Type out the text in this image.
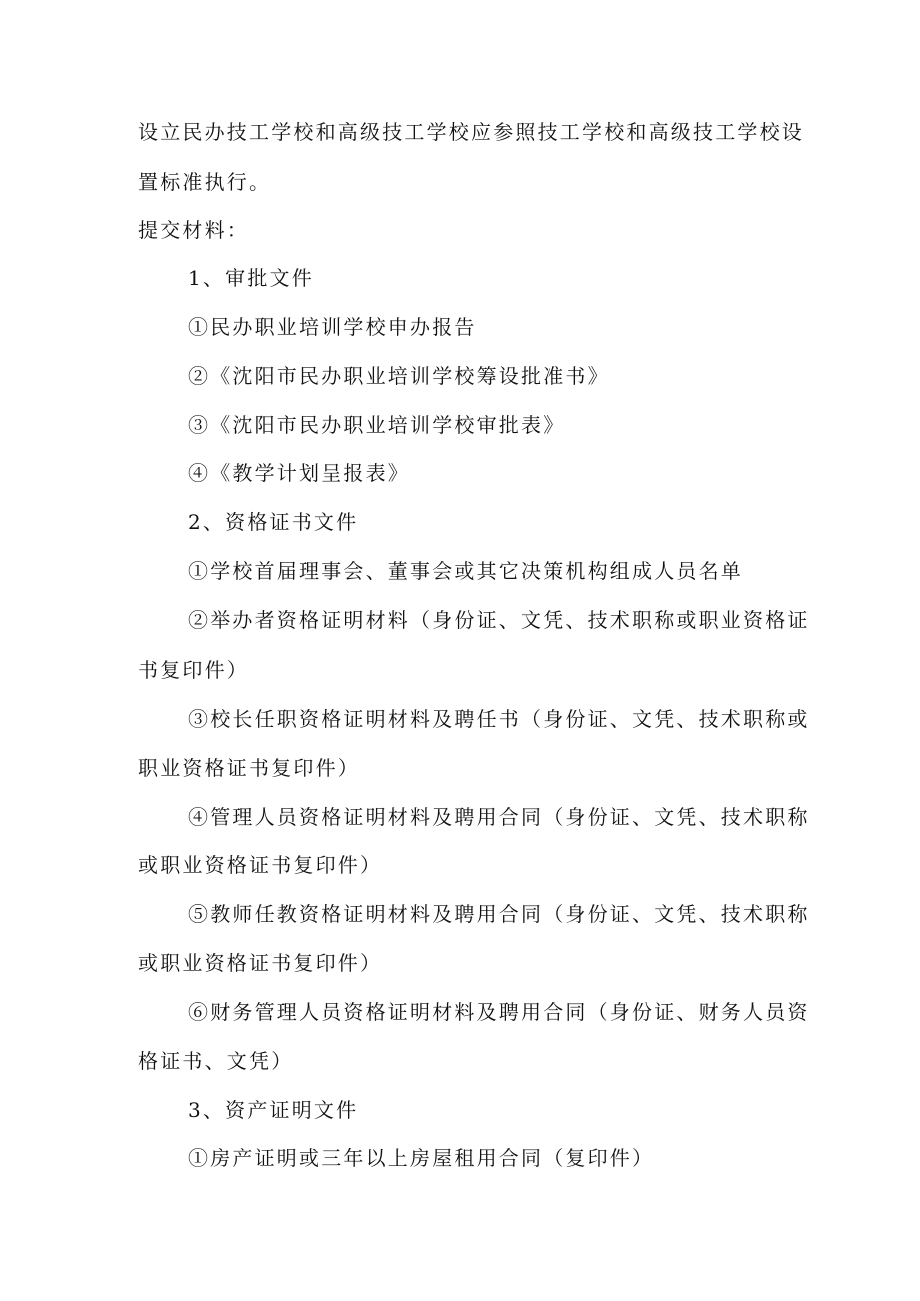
设立民办技工学校和高级技工学校应参照技工学校和高级技工学校设
置标准执行。
提交材料：
1、审批文件
①民办职业培训学校申办报告
②《沈阳市民办职业培训学校筹设批准书》
③《沈阳市民办职业培训学校审批表》
④《教学计划呈报表》
2、资格证书文件
①学校首届理事会、董事会或其它决策机构组成人员名单
②举办者资格证明材料（身份证、文凭、技术职称或职业资格证
书复印件）
③校长任职资格证明材料及聘任书（身份证、文凭、技术职称或
职业资格证书复印件）
④管理人员资格证明材料及聘用合同（身份证、文凭、技术职称
或职业资格证书复印件）
⑤教师任教资格证明材料及聘用合同（身份证、文凭、技术职称
或职业资格证书复印件）
⑥财务管理人员资格证明材料及聘用合同（身份证、财务人员资
格证书、文凭）
3、资产证明文件
①房产证明或三年以上房屋租用合同（复印件）
